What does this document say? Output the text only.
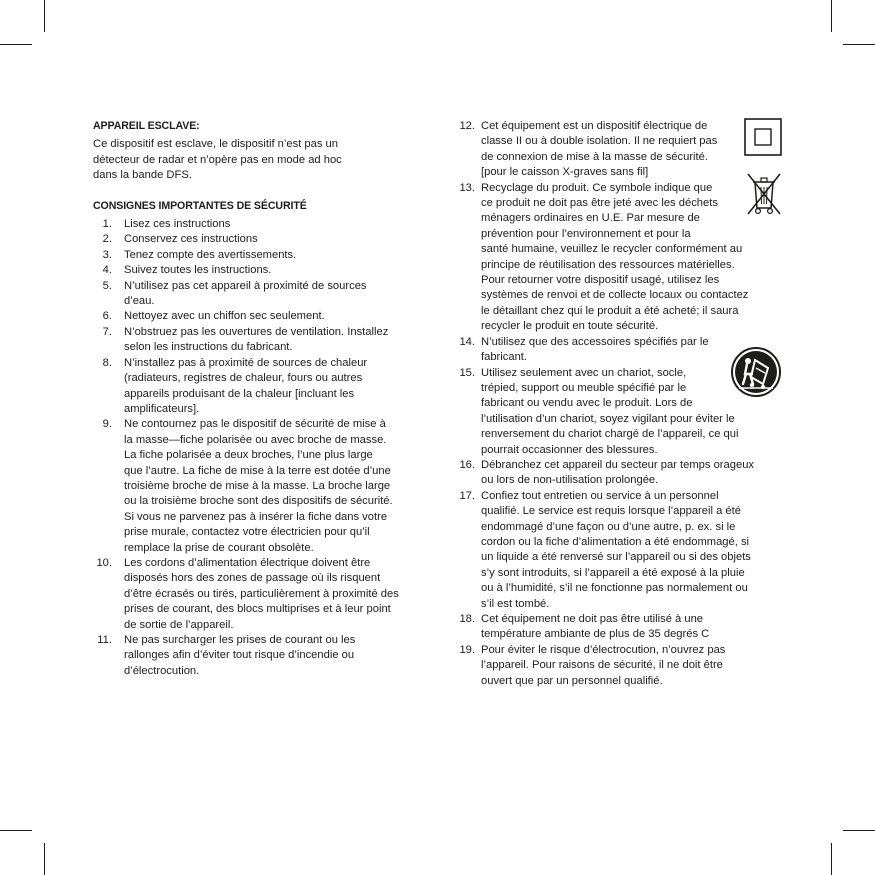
APPAREIL ESCLAVE:

Ce dispositif est esclave, le dispositif n’est pas un
détecteur de radar et n’opère pas en mode ad hoc
dans la bande DFS.

CONSIGNES IMPORTANTES DE SÉCURITÉ

1. Lisez ces instructions
2. Conservez ces instructions
3. Tenez compte des avertissements.
4. Suivez toutes les instructions.
5. N’utilisez pas cet appareil à proximité de sources
d’eau.
6. Nettoyez avec un chiffon sec seulement.
7. N’obstruez pas les ouvertures de ventilation. Installez
selon les instructions du fabricant.
8. N’installez pas à proximité de sources de chaleur
(radiateurs, registres de chaleur, fours ou autres
appareils produisant de la chaleur [incluant les
amplificateurs].
9. Ne contournez pas le dispositif de sécurité de mise à
la masse—fiche polarisée ou avec broche de masse.
La fiche polarisée a deux broches, l’une plus large
que l’autre. La fiche de mise à la terre est dotée d’une
troisième broche de mise à la masse. La broche large
ou la troisième broche sont des dispositifs de sécurité.
Si vous ne parvenez pas à insérer la fiche dans votre
prise murale, contactez votre électricien pour qu’il
remplace la prise de courant obsolète.
10. Les cordons d’alimentation électrique doivent être
disposés hors des zones de passage où ils risquent
d’être écrasés ou tirés, particulièrement à proximité des
prises de courant, des blocs multiprises et à leur point
de sortie de l’appareil.
11. Ne pas surcharger les prises de courant ou les
rallonges afin d’éviter tout risque d’incendie ou
d’électrocution.
12. Cet équipement est un dispositif électrique de
classe II ou à double isolation. Il ne requiert pas
de connexion de mise à la masse de sécurité.
[pour le caisson X-graves sans fil]
13. Recyclage du produit. Ce symbole indique que
ce produit ne doit pas être jeté avec les déchets
ménagers ordinaires en U.E. Par mesure de
prévention pour l’environnement et pour la
santé humaine, veuillez le recycler conformément au
principe de réutilisation des ressources matérielles.
Pour retourner votre dispositif usagé, utilisez les
systèmes de renvoi et de collecte locaux ou contactez
le détaillant chez qui le produit a été acheté; il saura
recycler le produit en toute sécurité.
14. N’utilisez que des accessoires spécifiés par le
fabricant.
15. Utilisez seulement avec un chariot, socle,
trépied, support ou meuble spécifié par le
fabricant ou vendu avec le produit. Lors de
l’utilisation d’un chariot, soyez vigilant pour éviter le
renversement du chariot chargé de l’appareil, ce qui
pourrait occasionner des blessures.
16. Débranchez cet appareil du secteur par temps orageux
ou lors de non-utilisation prolongée.
17. Confiez tout entretien ou service à un personnel
qualifié. Le service est requis lorsque l’appareil a été
endommagé d’une façon ou d’une autre, p. ex. si le
cordon ou la fiche d’alimentation a été endommagé, si
un liquide a été renversé sur l’appareil ou si des objets
s’y sont introduits, si l’appareil a été exposé à la pluie
ou à l’humidité, s’il ne fonctionne pas normalement ou
s’il est tombé.
18. Cet équipement ne doit pas être utilisé à une
température ambiante de plus de 35 degrés C
19. Pour éviter le risque d’électrocution, n’ouvrez pas
l’appareil. Pour raisons de sécurité, il ne doit être
ouvert que par un personnel qualifié.
